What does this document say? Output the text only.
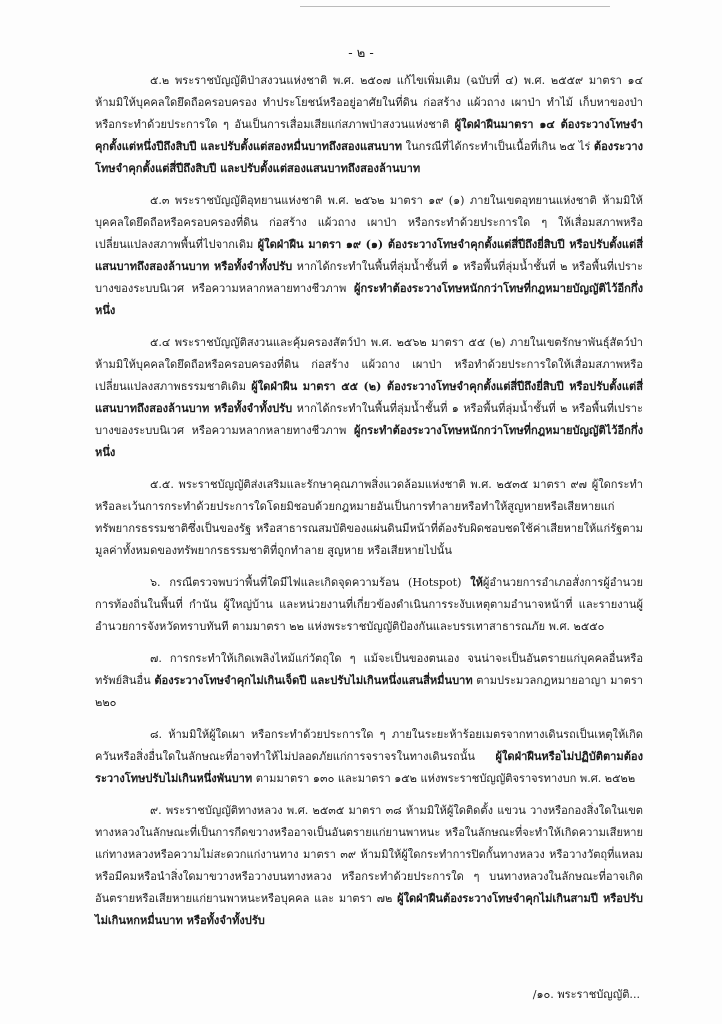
- ๒ -

๕.๒ พระราชบัญญัติป่าสงวนแห่งชาติ พ.ศ. ๒๕๐๗ แก้ไขเพิ่มเติม (ฉบับที่ ๔) พ.ศ. ๒๕๕๙ มาตรา ๑๔ ห้ามมิให้บุคคลใดยึดถือครอบครอง ทำประโยชน์หรืออยู่อาศัยในที่ดิน ก่อสร้าง แผ้วถาง เผาป่า ทำไม้ เก็บหาของป่า หรือกระทำด้วยประการใด ๆ อันเป็นการเสื่อมเสียแก่สภาพป่าสงวนแห่งชาติ ผู้ใดฝ่าฝืนมาตรา ๑๔ ต้องระวางโทษจำคุกตั้งแต่หนึ่งปีถึงสิบปี และปรับตั้งแต่สองหมื่นบาทถึงสองแสนบาท ในกรณีที่ได้กระทำเป็นเนื้อที่เกิน ๒๕ ไร่ ต้องระวางโทษจำคุกตั้งแต่สี่ปีถึงสิบปี และปรับตั้งแต่สองแสนบาทถึงสองล้านบาท

๕.๓ พระราชบัญญัติอุทยานแห่งชาติ พ.ศ. ๒๕๖๒ มาตรา ๑๙ (๑) ภายในเขตอุทยานแห่งชาติ ห้ามมิให้บุคคลใดยึดถือหรือครอบครองที่ดิน ก่อสร้าง แผ้วถาง เผาป่า หรือกระทำด้วยประการใด ๆ ให้เสื่อมสภาพหรือเปลี่ยนแปลงสภาพพื้นที่ไปจากเดิม ผู้ใดฝ่าฝืน มาตรา ๑๙ (๑) ต้องระวางโทษจำคุกตั้งแต่สี่ปีถึงยี่สิบปี หรือปรับตั้งแต่สี่แสนบาทถึงสองล้านบาท หรือทั้งจำทั้งปรับ หากได้กระทำในพื้นที่ลุ่มน้ำชั้นที่ ๑ หรือพื้นที่ลุ่มน้ำชั้นที่ ๒ หรือพื้นที่เปราะบางของระบบนิเวศ หรือความหลากหลายทางชีวภาพ ผู้กระทำต้องระวางโทษหนักกว่าโทษที่กฎหมายบัญญัติไว้อีกกึ่งหนึ่ง

๕.๔ พระราชบัญญัติสงวนและคุ้มครองสัตว์ป่า พ.ศ. ๒๕๖๒ มาตรา ๕๕ (๒) ภายในเขตรักษาพันธุ์สัตว์ป่า ห้ามมิให้บุคคลใดยึดถือหรือครอบครองที่ดิน ก่อสร้าง แผ้วถาง เผาป่า หรือทำด้วยประการใดให้เสื่อมสภาพหรือเปลี่ยนแปลงสภาพธรรมชาติเดิม ผู้ใดฝ่าฝืน มาตรา ๕๕ (๒) ต้องระวางโทษจำคุกตั้งแต่สี่ปีถึงยี่สิบปี หรือปรับตั้งแต่สี่แสนบาทถึงสองล้านบาท หรือทั้งจำทั้งปรับ หากได้กระทำในพื้นที่ลุ่มน้ำชั้นที่ ๑ หรือพื้นที่ลุ่มน้ำชั้นที่ ๒ หรือพื้นที่เปราะบางของระบบนิเวศ หรือความหลากหลายทางชีวภาพ ผู้กระทำต้องระวางโทษหนักกว่าโทษที่กฎหมายบัญญัติไว้อีกกึ่งหนึ่ง

๕.๕. พระราชบัญญัติส่งเสริมและรักษาคุณภาพสิ่งแวดล้อมแห่งชาติ พ.ศ. ๒๕๓๕ มาตรา ๙๗ ผู้ใดกระทำหรือละเว้นการกระทำด้วยประการใดโดยมิชอบด้วยกฎหมายอันเป็นการทำลายหรือทำให้สูญหายหรือเสียหายแก่ทรัพยากรธรรมชาติซึ่งเป็นของรัฐ หรือสาธารณสมบัติของแผ่นดินมีหน้าที่ต้องรับผิดชอบชดใช้ค่าเสียหายให้แก่รัฐตามมูลค่าทั้งหมดของทรัพยากรธรรมชาติที่ถูกทำลาย สูญหาย หรือเสียหายไปนั้น

๖. กรณีตรวจพบว่าพื้นที่ใดมีไฟและเกิดจุดความร้อน (Hotspot) ให้ผู้อำนวยการอำเภอสั่งการผู้อำนวยการท้องถิ่นในพื้นที่ กำนัน ผู้ใหญ่บ้าน และหน่วยงานที่เกี่ยวข้องดำเนินการระงับเหตุตามอำนาจหน้าที่ และรายงานผู้อำนวยการจังหวัดทราบทันที ตามมาตรา ๒๒ แห่งพระราชบัญญัติป้องกันและบรรเทาสาธารณภัย พ.ศ. ๒๕๕๐

๗. การกระทำให้เกิดเพลิงไหม้แก่วัตถุใด ๆ แม้จะเป็นของตนเอง จนน่าจะเป็นอันตรายแก่บุคคลอื่นหรือทรัพย์สินอื่น ต้องระวางโทษจำคุกไม่เกินเจ็ดปี และปรับไม่เกินหนึ่งแสนสี่หมื่นบาท ตามประมวลกฎหมายอาญา มาตรา ๒๒๐

๘. ห้ามมิให้ผู้ใดเผา หรือกระทำด้วยประการใด ๆ ภายในระยะห้าร้อยเมตรจากทางเดินรถเป็นเหตุให้เกิดควันหรือสิ่งอื่นใดในลักษณะที่อาจทำให้ไม่ปลอดภัยแก่การจราจรในทางเดินรถนั้น ผู้ใดฝ่าฝืนหรือไม่ปฏิบัติตามต้องระวางโทษปรับไม่เกินหนึ่งพันบาท ตามมาตรา ๑๓๐ และมาตรา ๑๕๒ แห่งพระราชบัญญัติจราจรทางบก พ.ศ. ๒๕๒๒

๙. พระราชบัญญัติทางหลวง พ.ศ. ๒๕๓๕ มาตรา ๓๘ ห้ามมิให้ผู้ใดติดตั้ง แขวน วางหรือกองสิ่งใดในเขตทางหลวงในลักษณะที่เป็นการกีดขวางหรืออาจเป็นอันตรายแก่ยานพาหนะ หรือในลักษณะที่จะทำให้เกิดความเสียหายแก่ทางหลวงหรือความไม่สะดวกแก่งานทาง มาตรา ๓๙ ห้ามมิให้ผู้ใดกระทำการปิดกั้นทางหลวง หรือวางวัตถุที่แหลมหรือมีคมหรือนำสิ่งใดมาขวางหรือวางบนทางหลวง หรือกระทำด้วยประการใด ๆ บนทางหลวงในลักษณะที่อาจเกิดอันตรายหรือเสียหายแก่ยานพาหนะหรือบุคคล และ มาตรา ๗๒ ผู้ใดฝ่าฝืนต้องระวางโทษจำคุกไม่เกินสามปี หรือปรับไม่เกินหกหมื่นบาท หรือทั้งจำทั้งปรับ

/๑๐. พระราชบัญญัติ...
